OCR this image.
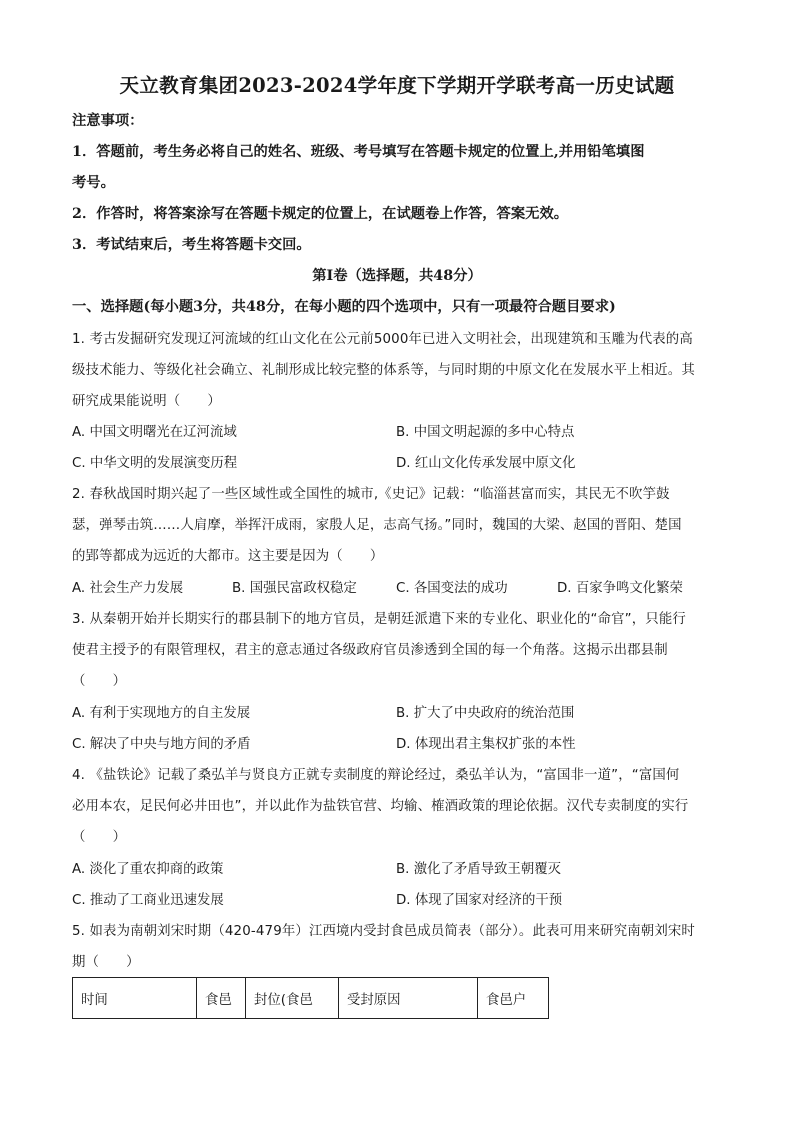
天立教育集团2023-2024学年度下学期开学联考高一历史试题
注意事项：
1．答题前，考生务必将自己的姓名、班级、考号填写在答题卡规定的位置上,并用铅笔填图
考号。
2．作答时，将答案涂写在答题卡规定的位置上，在试题卷上作答，答案无效。
3．考试结束后，考生将答题卡交回。
第Ⅰ卷（选择题，共48分）
一、选择题(每小题3分，共48分，在每小题的四个选项中，只有一项最符合题目要求)
1. 考古发掘研究发现辽河流域的红山文化在公元前5000年已进入文明社会，出现建筑和玉雕为代表的高
级技术能力、等级化社会确立、礼制形成比较完整的体系等，与同时期的中原文化在发展水平上相近。其
研究成果能说明（　　）
A. 中国文明曙光在辽河流域	B. 中国文明起源的多中心特点
C. 中华文明的发展演变历程	D. 红山文化传承发展中原文化
2. 春秋战国时期兴起了一些区域性或全国性的城市,《史记》记载：“临淄甚富而实，其民无不吹竽鼓
瑟，弹琴击筑……人肩摩，举挥汗成雨，家殷人足，志高气扬。”同时，魏国的大梁、赵国的晋阳、楚国
的郢等都成为远近的大都市。这主要是因为（　　）
A. 社会生产力发展	B. 国强民富政权稳定	C. 各国变法的成功	D. 百家争鸣文化繁荣
3. 从秦朝开始并长期实行的郡县制下的地方官员，是朝廷派遣下来的专业化、职业化的“命官”，只能行
使君主授予的有限管理权，君主的意志通过各级政府官员渗透到全国的每一个角落。这揭示出郡县制
（　　）
A. 有利于实现地方的自主发展	B. 扩大了中央政府的统治范围
C. 解决了中央与地方间的矛盾	D. 体现出君主集权扩张的本性
4. 《盐铁论》记载了桑弘羊与贤良方正就专卖制度的辩论经过，桑弘羊认为，“富国非一道”，“富国何
必用本农，足民何必井田也”，并以此作为盐铁官营、均输、榷酒政策的理论依据。汉代专卖制度的实行
（　　）
A. 淡化了重农抑商的政策	B. 激化了矛盾导致王朝覆灭
C. 推动了工商业迅速发展	D. 体现了国家对经济的干预
5. 如表为南朝刘宋时期（420-479年）江西境内受封食邑成员简表（部分）。此表可用来研究南朝刘宋时
期（　　）
时间	食邑	封位(食邑	受封原因	食邑户
